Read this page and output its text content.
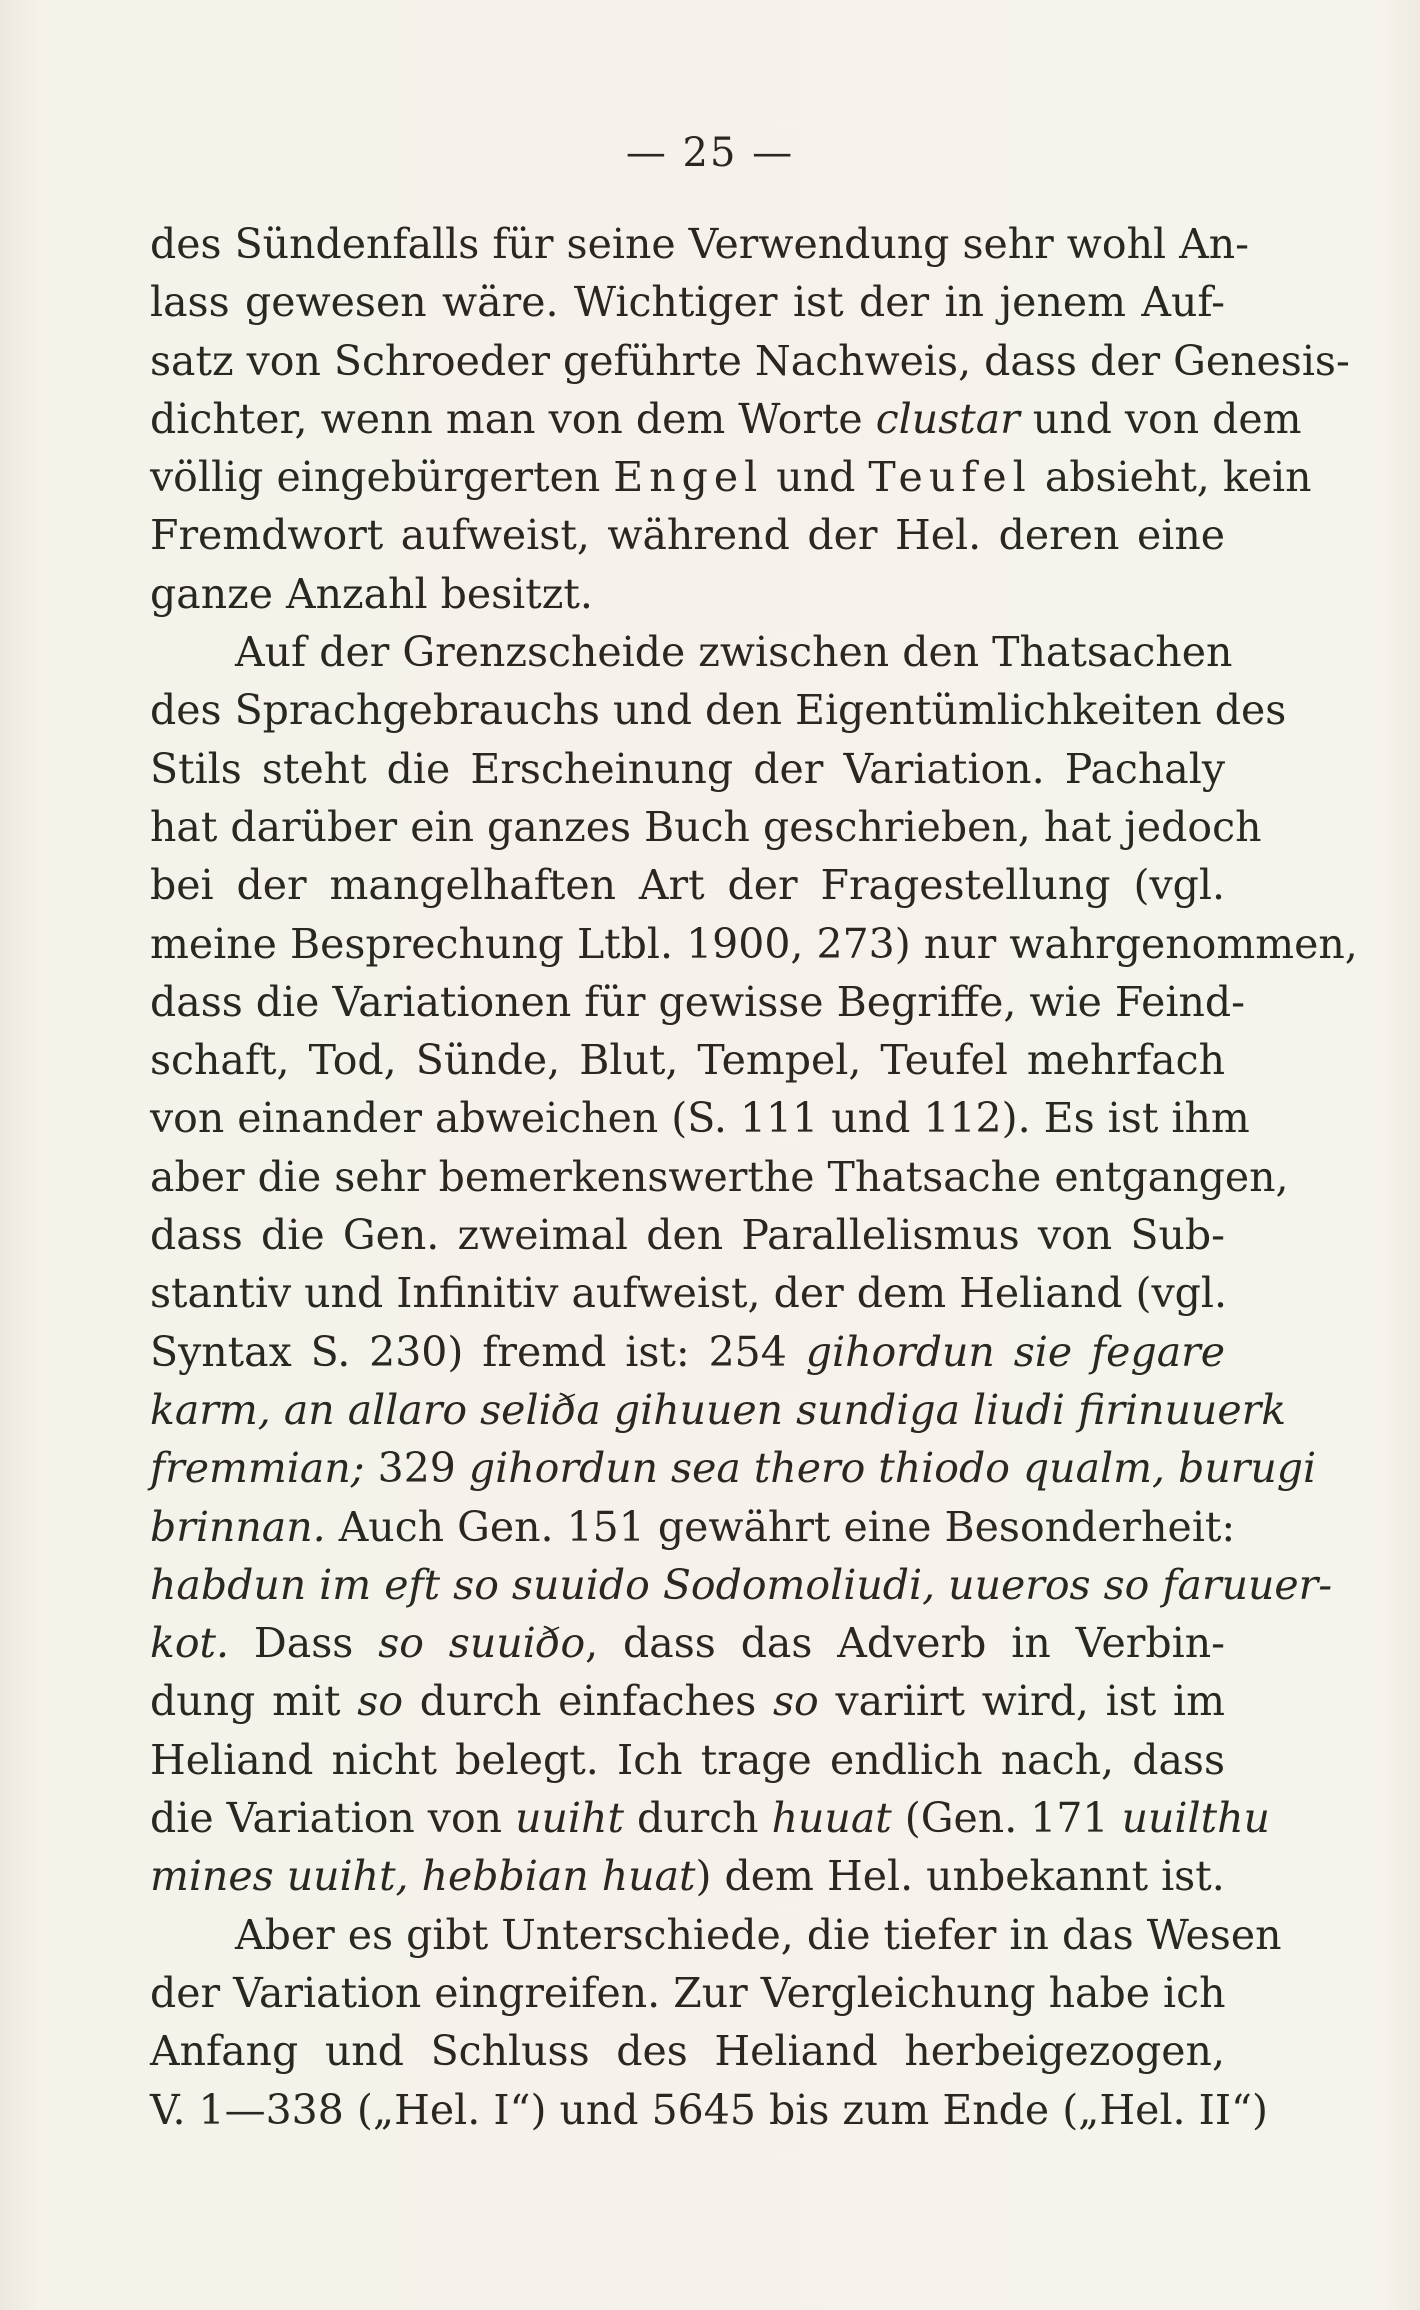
— 25 —
des Sündenfalls für seine Verwendung sehr wohl An-
lass gewesen wäre. Wichtiger ist der in jenem Auf-
satz von Schroeder geführte Nachweis, dass der Genesis-
dichter, wenn man von dem Worte clustar und von dem
völlig eingebürgerten Engel und Teufel absieht, kein
Fremdwort aufweist, während der Hel. deren eine
ganze Anzahl besitzt.
Auf der Grenzscheide zwischen den Thatsachen
des Sprachgebrauchs und den Eigentümlichkeiten des
Stils steht die Erscheinung der Variation. Pachaly
hat darüber ein ganzes Buch geschrieben, hat jedoch
bei der mangelhaften Art der Fragestellung (vgl.
meine Besprechung Ltbl. 1900, 273) nur wahrgenommen,
dass die Variationen für gewisse Begriffe, wie Feind-
schaft, Tod, Sünde, Blut, Tempel, Teufel mehrfach
von einander abweichen (S. 111 und 112). Es ist ihm
aber die sehr bemerkenswerthe Thatsache entgangen,
dass die Gen. zweimal den Parallelismus von Sub-
stantiv und Infinitiv aufweist, der dem Heliand (vgl.
Syntax S. 230) fremd ist: 254 gihordun sie fegare
karm, an allaro seliða gihuuen sundiga liudi firinuuerk
fremmian; 329 gihordun sea thero thiodo qualm, burugi
brinnan. Auch Gen. 151 gewährt eine Besonderheit:
habdun im eft so suuido Sodomoliudi, uueros so faruuer-
kot. Dass so suuiðo, dass das Adverb in Verbin-
dung mit so durch einfaches so variirt wird, ist im
Heliand nicht belegt. Ich trage endlich nach, dass
die Variation von uuiht durch huuat (Gen. 171 uuilthu
mines uuiht, hebbian huat) dem Hel. unbekannt ist.
Aber es gibt Unterschiede, die tiefer in das Wesen
der Variation eingreifen. Zur Vergleichung habe ich
Anfang und Schluss des Heliand herbeigezogen,
V. 1—338 („Hel. I“) und 5645 bis zum Ende („Hel. II“)
